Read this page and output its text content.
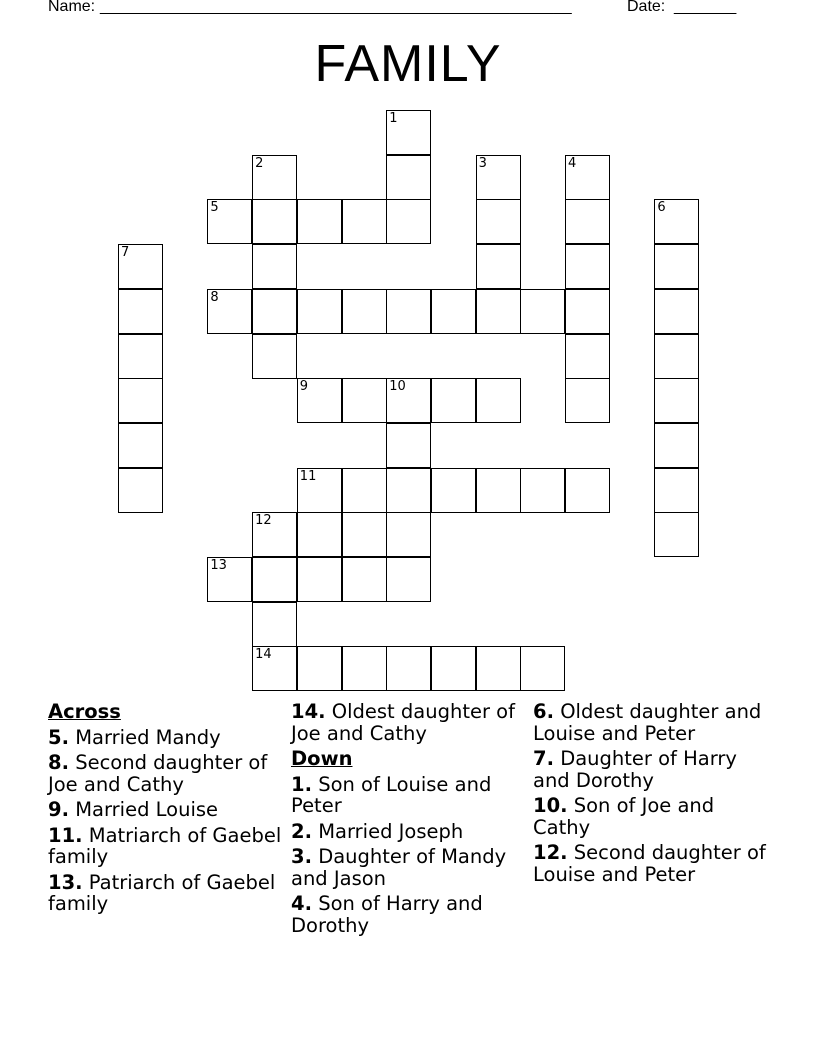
Name: _____________________________________________________	Date: _______
FAMILY
1
2	3	4
5	6
7
8
9	10
11
12
13
14
Across
5. Married Mandy
8. Second daughter of Joe and Cathy
9. Married Louise
11. Matriarch of Gaebel family
13. Patriarch of Gaebel family
14. Oldest daughter of Joe and Cathy
Down
1. Son of Louise and Peter
2. Married Joseph
3. Daughter of Mandy and Jason
4. Son of Harry and Dorothy
6. Oldest daughter and Louise and Peter
7. Daughter of Harry and Dorothy
10. Son of Joe and Cathy
12. Second daughter of Louise and Peter
